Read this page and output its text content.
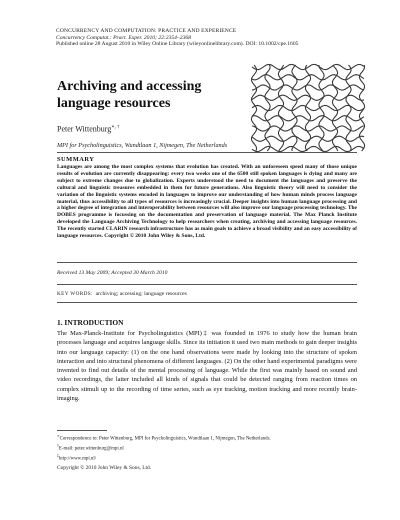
CONCURRENCY AND COMPUTATION: PRACTICE AND EXPERIENCE
Concurrency Computat.: Pract. Exper. 2010; 22:2354–2368
Published online 28 August 2010 in Wiley Online Library (wileyonlinelibrary.com). DOI: 10.1002/cpe.1605
Archiving and accessing language resources
Peter Wittenburg∗, †
MPI for Psycholinguistics, Wundtlaan 1, Nijmegen, The Netherlands
SUMMARY
Languages are among the most complex systems that evolution has created. With an unforeseen speed many of those unique results of evolution are currently disappearing: every two weeks one of the 6500 still spoken languages is dying and many are subject to extreme changes due to globalization. Experts understood the need to document the languages and preserve the cultural and linguistic treasures embedded in them for future generations. Also linguistic theory will need to consider the variation of the linguistic systems encoded in languages to improve our understanding of how human minds process language material, thus accessibility to all types of resources is increasingly crucial. Deeper insights into human language processing and a higher degree of integration and interoperability between resources will also improve our language processing technology. The DOBES programme is focussing on the documentation and preservation of language material. The Max Planck Institute developed the Language Archiving Technology to help researchers when creating, archiving and accessing language resources. The recently started CLARIN research infrastructure has as main goals to achieve a broad visibility and an easy accessibility of language resources. Copyright © 2010 John Wiley & Sons, Ltd.
Received 13 May 2009; Accepted 30 March 2010
KEY WORDS: archiving; accessing; language resources
1. INTRODUCTION
The Max-Planck-Institute for Psycholinguistics (MPI)‡ was founded in 1976 to study how the human brain processes language and acquires language skills. Since its initiation it used two main methods to gain deeper insights into our language capacity: (1) on the one hand observations were made by looking into the structure of spoken interaction and into structural phenomena of different languages. (2) On the other hand experimental paradigms were invented to find out details of the mental processing of language. While the first was mainly based on sound and video recordings, the latter included all kinds of signals that could be detected ranging from reaction times on complex stimuli up to the recording of time series, such as eye tracking, motion tracking and more recently brain-imaging.
∗Correspondence to: Peter Wittenburg, MPI for Psycholinguistics, Wundtlaan 1, Nijmegen, The Netherlands.
†E-mail: peter.wittenburg@mpi.nl
‡http://www.mpi.nl/
Copyright © 2010 John Wiley & Sons, Ltd.
